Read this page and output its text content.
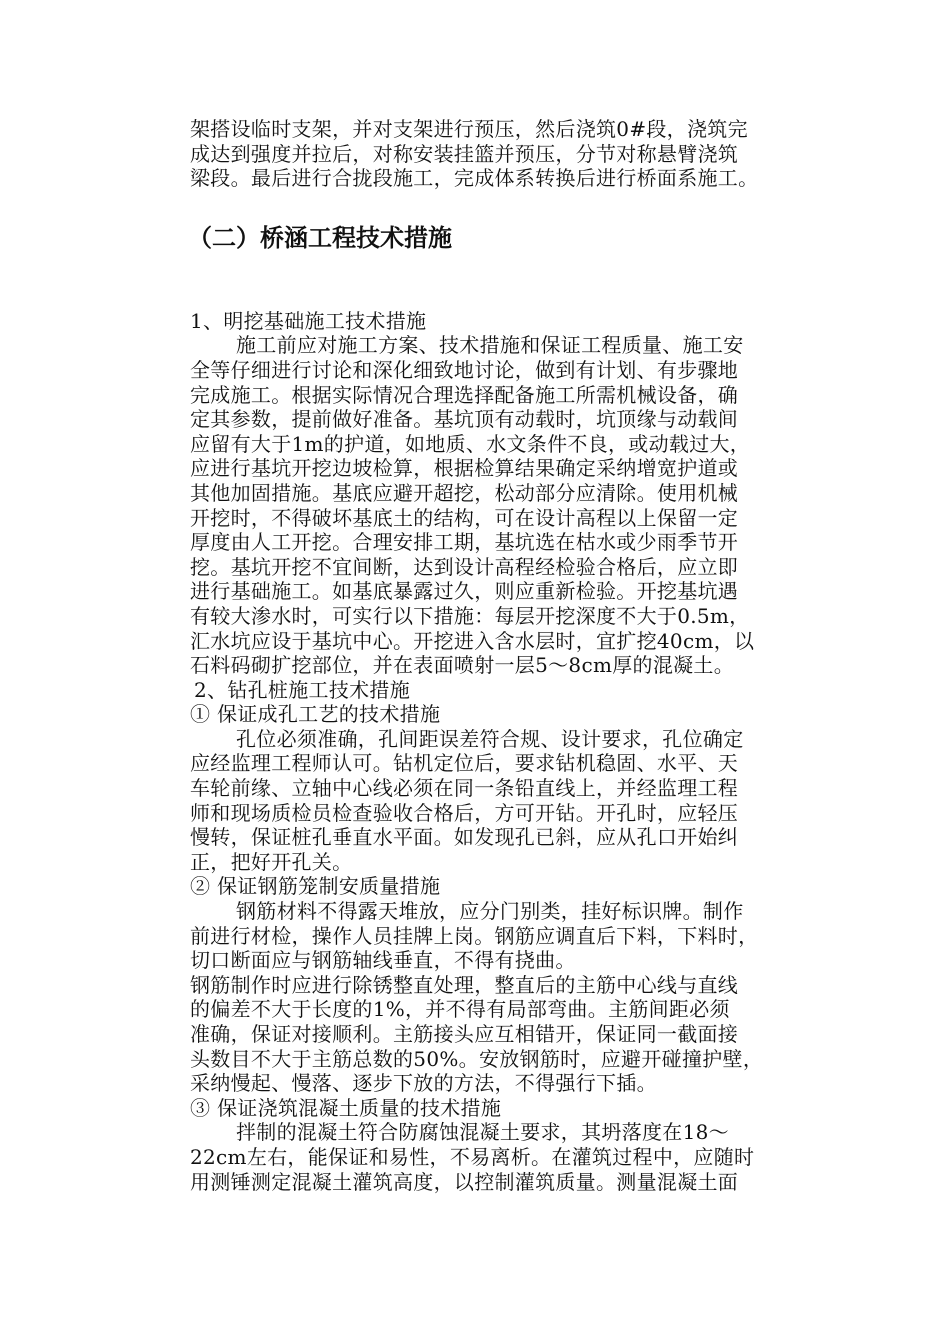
架搭设临时支架，并对支架进行预压，然后浇筑0#段，浇筑完
成达到强度并拉后，对称安装挂篮并预压，分节对称悬臂浇筑
梁段。最后进行合拢段施工，完成体系转换后进行桥面系施工。
（二）桥涵工程技术措施
1、明挖基础施工技术措施
施工前应对施工方案、技术措施和保证工程质量、施工安
全等仔细进行讨论和深化细致地讨论，做到有计划、有步骤地
完成施工。根据实际情况合理选择配备施工所需机械设备，确
定其参数，提前做好准备。基坑顶有动载时，坑顶缘与动载间
应留有大于1m的护道，如地质、水文条件不良，或动载过大，
应进行基坑开挖边坡检算，根据检算结果确定采纳增宽护道或
其他加固措施。基底应避开超挖，松动部分应清除。使用机械
开挖时，不得破坏基底土的结构，可在设计高程以上保留一定
厚度由人工开挖。合理安排工期，基坑选在枯水或少雨季节开
挖。基坑开挖不宜间断，达到设计高程经检验合格后，应立即
进行基础施工。如基底暴露过久，则应重新检验。开挖基坑遇
有较大渗水时，可实行以下措施：每层开挖深度不大于0.5m，
汇水坑应设于基坑中心。开挖进入含水层时，宜扩挖40cm，以
石料码砌扩挖部位，并在表面喷射一层5～8cm厚的混凝土。
2、钻孔桩施工技术措施
① 保证成孔工艺的技术措施
孔位必须准确，孔间距误差符合规、设计要求，孔位确定
应经监理工程师认可。钻机定位后，要求钻机稳固、水平、天
车轮前缘、立轴中心线必须在同一条铅直线上，并经监理工程
师和现场质检员检查验收合格后，方可开钻。开孔时，应轻压
慢转，保证桩孔垂直水平面。如发现孔已斜，应从孔口开始纠
正，把好开孔关。
② 保证钢筋笼制安质量措施
钢筋材料不得露天堆放，应分门别类，挂好标识牌。制作
前进行材检，操作人员挂牌上岗。钢筋应调直后下料，下料时，
切口断面应与钢筋轴线垂直，不得有挠曲。
钢筋制作时应进行除锈整直处理，整直后的主筋中心线与直线
的偏差不大于长度的1%，并不得有局部弯曲。主筋间距必须
准确，保证对接顺利。主筋接头应互相错开，保证同一截面接
头数目不大于主筋总数的50%。安放钢筋时，应避开碰撞护壁，
采纳慢起、慢落、逐步下放的方法，不得强行下插。
③ 保证浇筑混凝土质量的技术措施
拌制的混凝土符合防腐蚀混凝土要求，其坍落度在18～
22cm左右，能保证和易性，不易离析。在灌筑过程中，应随时
用测锤测定混凝土灌筑高度，以控制灌筑质量。测量混凝土面
